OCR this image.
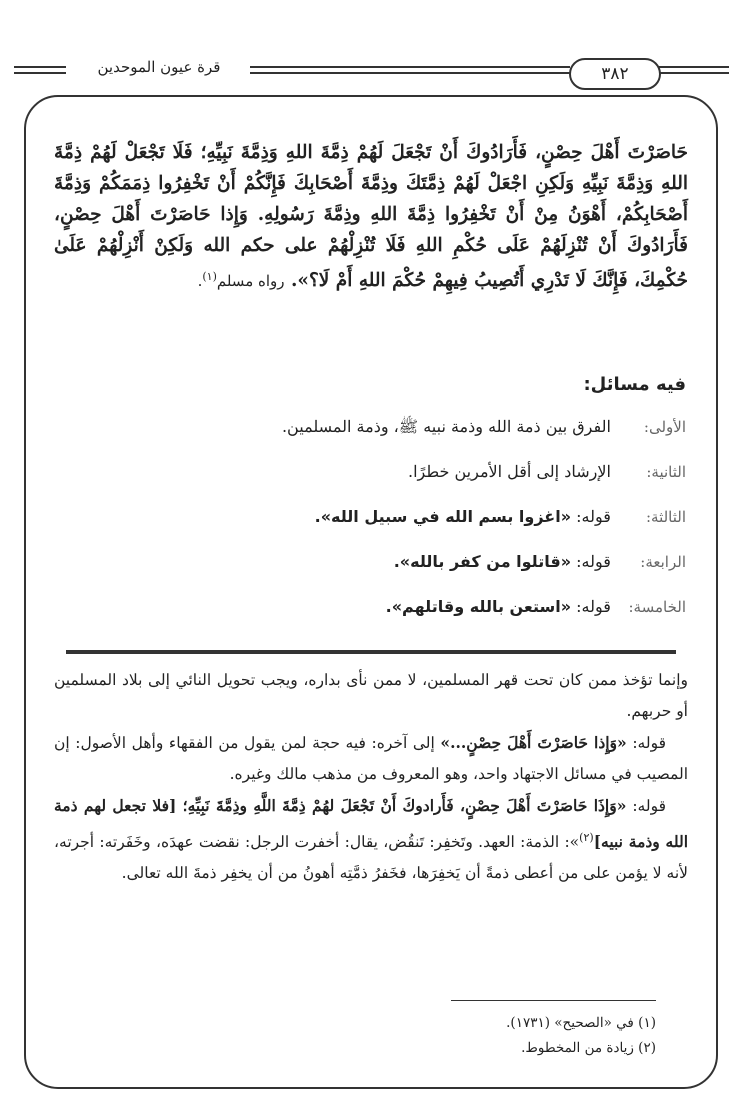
قرة عيون الموحدين	٣٨٢
حَاصَرْتَ أَهْلَ حِصْنٍ، فَأَرَادُوكَ أَنْ تَجْعَلَ لَهُمْ ذِمَّةَ اللهِ وَذِمَّةَ نَبِيِّهِ؛ فَلَا تَجْعَلْ لَهُمْ ذِمَّةَ اللهِ وَذِمَّةَ نَبِيِّهِ وَلَكِنِ اجْعَلْ لَهُمْ ذِمَّتَكَ وذِمَّةَ أَصْحَابِكَ فَإِنَّكُمْ أَنْ تَخْفِرُوا ذِمَمَكُمْ وَذِمَّةَ أَصْحَابِكُمْ، أَهْوَنُ مِنْ أَنْ تَخْفِرُوا ذِمَّةَ اللهِ وذِمَّةَ رَسُولِهِ. وَإِذا حَاصَرْتَ أَهْلَ حِصْنٍ، فَأَرَادُوكَ أَنْ تُنْزِلَهُمْ عَلَى حُكْمِ اللهِ فَلَا تُنْزِلْهُمْ على حكم الله وَلَكِنْ أَنْزِلْهُمْ عَلَىٰ حُكْمِكَ، فَإِنَّكَ لَا تَدْرِي أَتُصِيبُ فِيهِمْ حُكْمَ اللهِ أَمْ لَا؟». رواه مسلم$^{(١)}$.
فيه مسائل:
الأولى: الفرق بين ذمة الله وذمة نبيه ﷺ، وذمة المسلمين.
الثانية: الإرشاد إلى أقل الأمرين خطرًا.
الثالثة: قوله: «اغزوا بسم الله في سبيل الله».
الرابعة: قوله: «قاتلوا من كفر بالله».
الخامسة: قوله: «استعن بالله وقاتلهم».

وإنما تؤخذ ممن كان تحت قهر المسلمين، لا ممن نأى بداره، ويجب تحويل النائي إلى بلاد المسلمين أو حربهم.

قوله: «وَإِذا حَاصَرْتَ أَهْلَ حِصْنٍ...» إلى آخره: فيه حجة لمن يقول من الفقهاء وأهل الأصول: إن المصيب في مسائل الاجتهاد واحد، وهو المعروف من مذهب مالك وغيره.

قوله: «وَإِذَا حَاصَرْتَ أَهْلَ حِصْنٍ، فَأَرادوكَ أَنْ تَجْعَلَ لهُمْ ذِمَّةَ اللَّهِ وذِمَّةَ نَبِيِّهِ؛ [فلا تجعل لهم ذمة الله وذمة نبيه]$^{(٢)}$»: الذمة: العهد. وتَخفِر: تَنقُض، يقال: أخفرت الرجل: نقضت عهدَه، وخَفَرته: أجرته، لأنه لا يؤمن على من أعطى ذمةً أن يَخفِرَها، فخَفرُ ذمَّتِه أهونُ من أن يخفِر ذمةَ الله تعالى.

(١) في «الصحيح» (١٧٣١).
(٢) زيادة من المخطوط.
